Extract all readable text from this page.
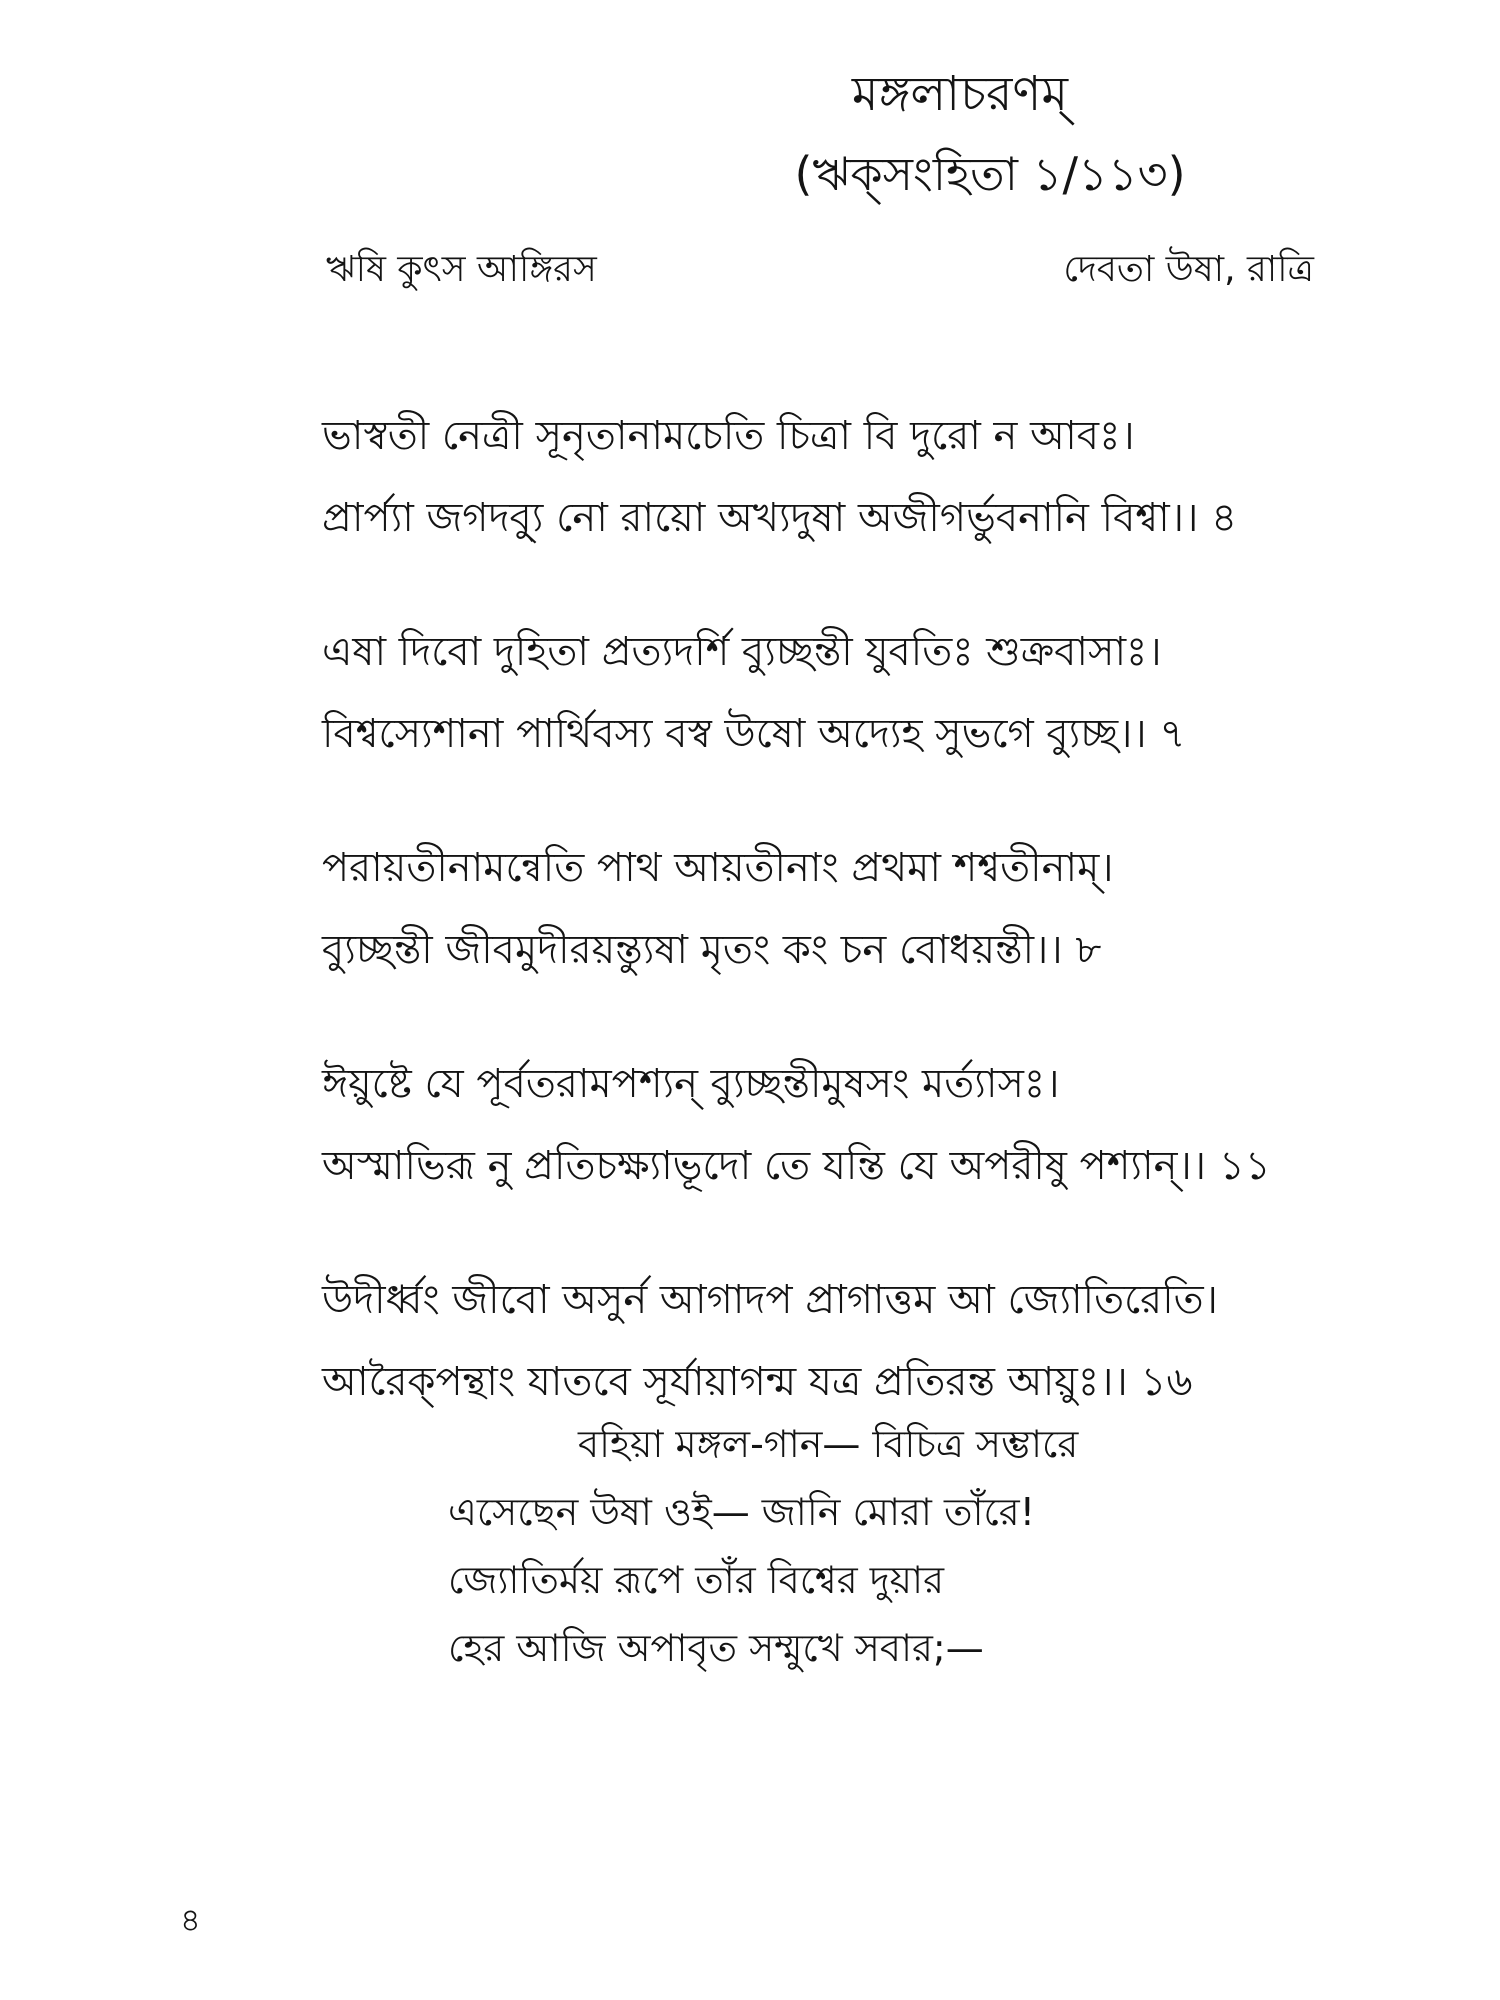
মঙ্গলাচরণম্
(ঋক্‌সংহিতা ১/১১৩)
ঋষি কুৎস আঙ্গিরস	দেবতা উষা, রাত্রি
ভাস্বতী নেত্রী সূনৃতানামচেতি চিত্রা বি দুরো ন আবঃ।
প্রার্প্যা জগদ্ব্যু নো রায়ো অখ্যদুষা অজীগর্ভুবনানি বিশ্বা।। ৪
এষা দিবো দুহিতা প্রত্যদর্শি ব্যুচ্ছন্তী যুবতিঃ শুক্রবাসাঃ।
বিশ্বস্যেশানা পার্থিবস্য বস্ব উষো অদ্যেহ সুভগে ব্যুচ্ছ।। ৭
পরায়তীনামন্বেতি পাথ আয়তীনাং প্রথমা শশ্বতীনাম্।
ব্যুচ্ছন্তী জীবমুদীরয়ন্ত্যুষা মৃতং কং চন বোধয়ন্তী।। ৮
ঈয়ুষ্টে যে পূর্বতরামপশ্যন্ ব্যুচ্ছন্তীমুষসং মর্ত্যাসঃ।
অস্মাভিরূ নু প্রতিচক্ষ্যাভূদো তে যন্তি যে অপরীষু পশ্যান্।। ১১
উদীর্ধ্বং জীবো অসুর্ন আগাদপ প্রাগাত্তম আ জ্যোতিরেতি।
আরৈক্‌পন্থাং যাতবে সূর্যায়াগন্ম যত্র প্রতিরন্ত আয়ুঃ।। ১৬
বহিয়া মঙ্গল-গান— বিচিত্র সম্ভারে
এসেছেন উষা ওই— জানি মোরা তাঁরে!
জ্যোতির্ময় রূপে তাঁর বিশ্বের দুয়ার
হের আজি অপাবৃত সম্মুখে সবার;—
৪
